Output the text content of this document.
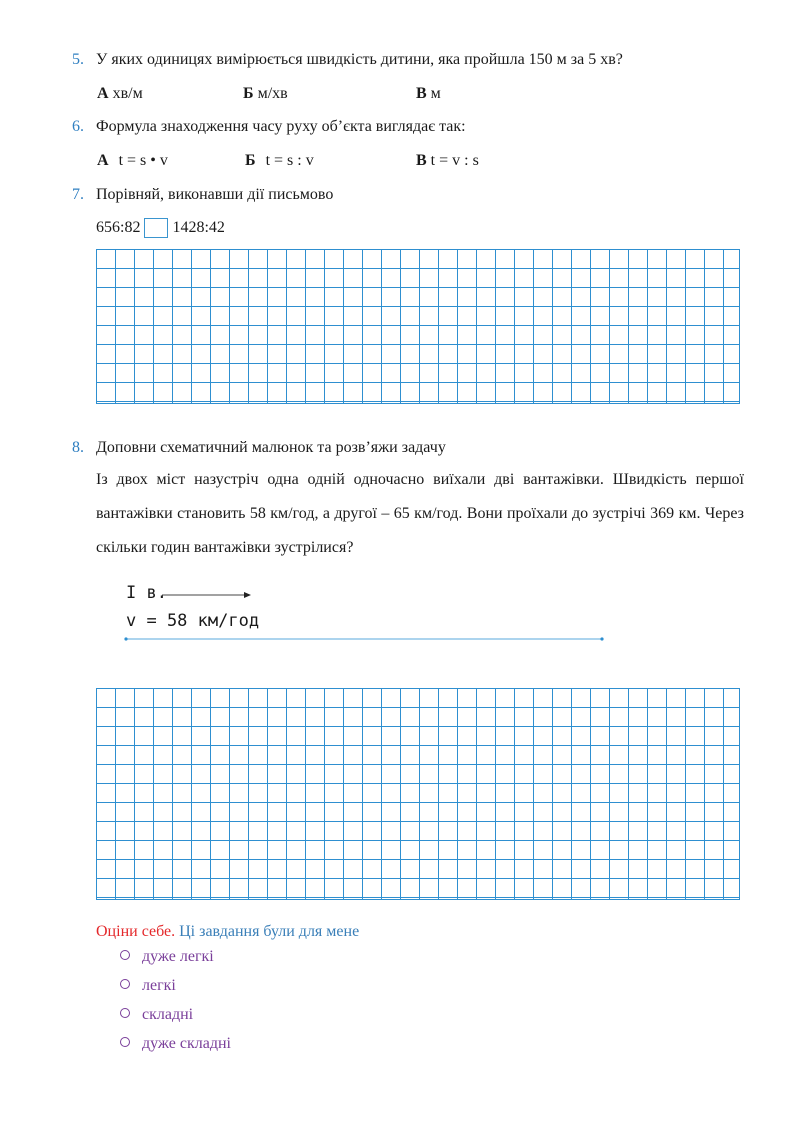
5. У яких одиницях вимірюється швидкість дитини, яка пройшла 150 м за 5 хв?
А хв/м	Б м/хв	В м
6. Формула знаходження часу руху об’єкта виглядає так:
А t = s • v	Б t = s : v	В t = v : s
7. Порівняй, виконавши дії письмово
656:82 1428:42
8. Доповни схематичний малюнок та розв’яжи задачу
Із двох міст назустріч одна одній одночасно виїхали дві вантажівки. Швидкість першої вантажівки становить 58 км/год, а другої – 65 км/год. Вони проїхали до зустрічі 369 км. Через скільки годин вантажівки зустрілися?
I в.
v = 58 км/год
Оціни себе. Ці завдання були для мене
дуже легкі
легкі
складні
дуже складні
